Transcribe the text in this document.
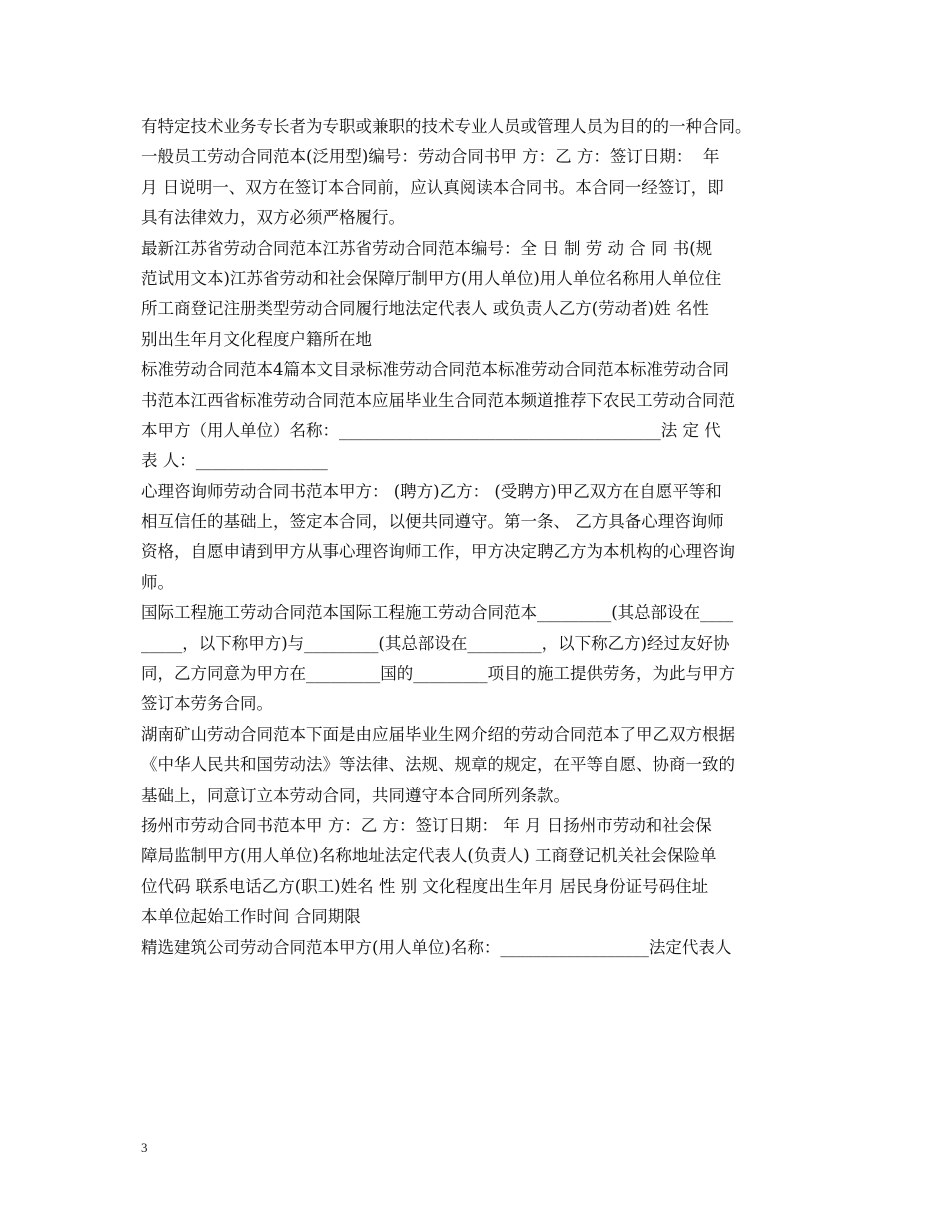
有特定技术业务专长者为专职或兼职的技术专业人员或管理人员为目的的一种合同。
一般员工劳动合同范本(泛用型)编号：劳动合同书甲 方：乙 方：签订日期：  年
月 日说明一、双方在签订本合同前，应认真阅读本合同书。本合同一经签订，即
具有法律效力，双方必须严格履行。
最新江苏省劳动合同范本江苏省劳动合同范本编号：全 日 制 劳 动 合 同 书(规
范试用文本)江苏省劳动和社会保障厅制甲方(用人单位)用人单位名称用人单位住
所工商登记注册类型劳动合同履行地法定代表人 或负责人乙方(劳动者)姓 名性
别出生年月文化程度户籍所在地
标准劳动合同范本4篇本文目录标准劳动合同范本标准劳动合同范本标准劳动合同
书范本江西省标准劳动合同范本应届毕业生合同范本频道推荐下农民工劳动合同范
本甲方（用人单位）名称：_______________________________________法 定 代
表 人：________________
心理咨询师劳动合同书范本甲方： (聘方)乙方： (受聘方)甲乙双方在自愿平等和
相互信任的基础上，签定本合同，以便共同遵守。第一条、 乙方具备心理咨询师
资格，自愿申请到甲方从事心理咨询师工作，甲方决定聘乙方为本机构的心理咨询
师。
国际工程施工劳动合同范本国际工程施工劳动合同范本_________(其总部设在____
_____，以下称甲方)与_________(其总部设在_________，以下称乙方)经过友好协
同，乙方同意为甲方在_________国的_________项目的施工提供劳务，为此与甲方
签订本劳务合同。
湖南矿山劳动合同范本下面是由应届毕业生网介绍的劳动合同范本了甲乙双方根据
《中华人民共和国劳动法》等法律、法规、规章的规定，在平等自愿、协商一致的
基础上，同意订立本劳动合同，共同遵守本合同所列条款。
扬州市劳动合同书范本甲 方：乙 方：签订日期： 年 月 日扬州市劳动和社会保
障局监制甲方(用人单位)名称地址法定代表人(负责人) 工商登记机关社会保险单
位代码 联系电话乙方(职工)姓名 性 别 文化程度出生年月 居民身份证号码住址
本单位起始工作时间 合同期限
精选建筑公司劳动合同范本甲方(用人单位)名称：__________________法定代表人
3
